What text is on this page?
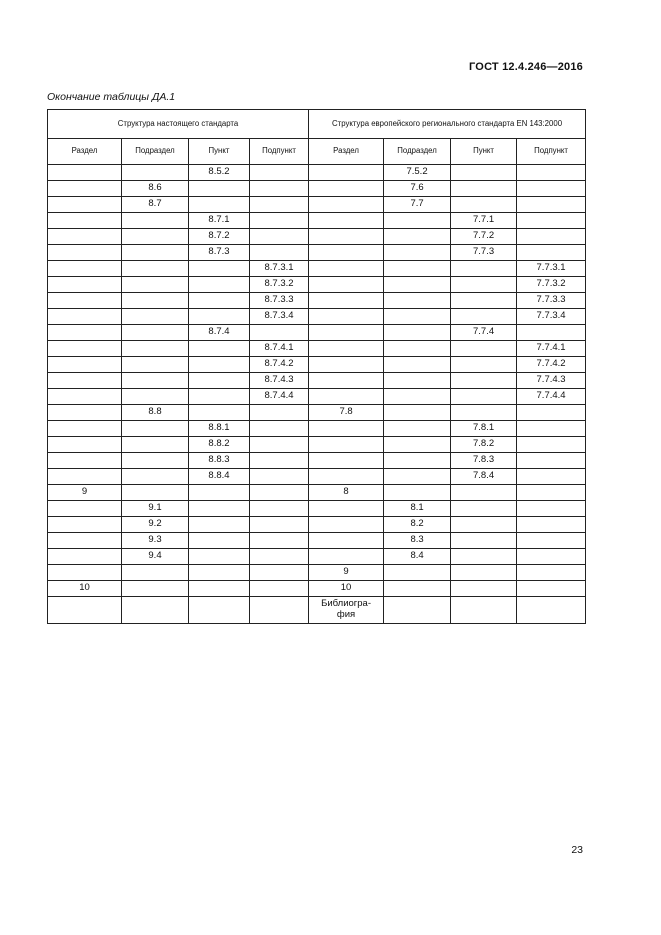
ГОСТ 12.4.246—2016
Окончание таблицы ДА.1
Структура настоящего стандарта				Структура европейского регионального стандарта EN 143:2000			
Раздел	Подраздел	Пункт	Подпункт	Раздел	Подраздел	Пункт	Подпункт
		8.5.2			7.5.2		
	8.6				7.6		
	8.7				7.7		
		8.7.1				7.7.1	
		8.7.2				7.7.2	
		8.7.3				7.7.3	
			8.7.3.1				7.7.3.1
			8.7.3.2				7.7.3.2
			8.7.3.3				7.7.3.3
			8.7.3.4				7.7.3.4
		8.7.4				7.7.4	
			8.7.4.1				7.7.4.1
			8.7.4.2				7.7.4.2
			8.7.4.3				7.7.4.3
			8.7.4.4				7.7.4.4
	8.8			7.8			
		8.8.1				7.8.1	
		8.8.2				7.8.2	
		8.8.3				7.8.3	
		8.8.4				7.8.4	
9				8			
	9.1				8.1		
	9.2				8.2		
	9.3				8.3		
	9.4				8.4		
				9			
10				10			
				Библиогра-
фия			
23
